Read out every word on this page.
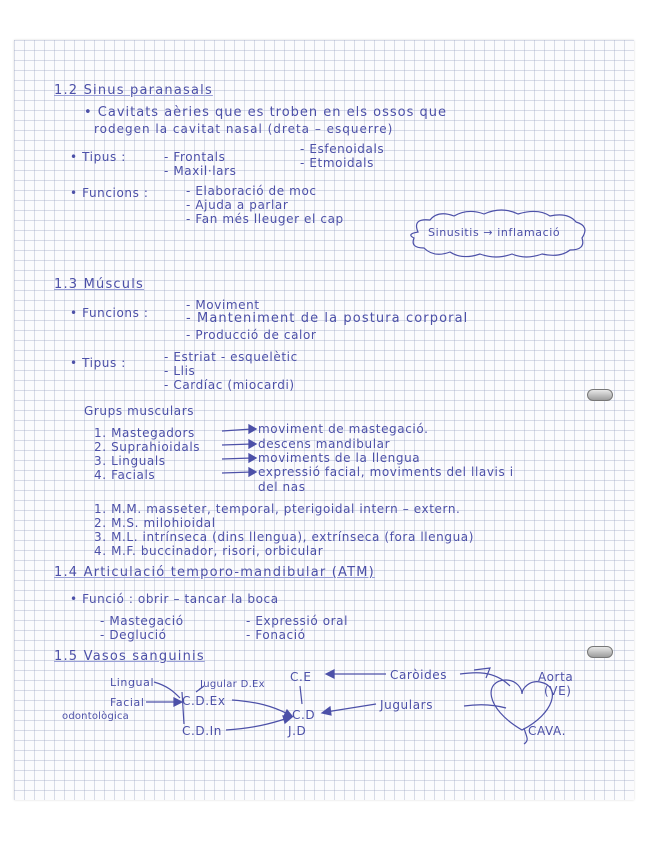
1.2 Sinus paranasals
• Cavitats aèries que es troben en els ossos que
rodegen la cavitat nasal (dreta – esquerre)
• Tipus :	- Frontals
- Maxil·lars
- Esfenoidals
- Etmoidals
• Funcions :	- Elaboració de moc
- Ajuda a parlar
- Fan més lleuger el cap
Sinusitis → inflamació
1.3 Músculs
• Funcions :
- Moviment
- Manteniment de la postura corporal
- Producció de calor
• Tipus :	- Estriat - esquelètic
- Llis
- Cardíac (miocardi)
Grups musculars
1. Mastegadors	moviment de mastegació.
2. Suprahioidals	descens mandibular
3. Linguals	moviments de la llengua
4. Facials	expressió facial, moviments del llavis i
del nas
1. M.M. masseter, temporal, pterigoidal intern – extern.
2. M.S. milohioidal
3. M.L. intrínseca (dins llengua), extrínseca (fora llengua)
4. M.F. buccinador, risori, orbicular
1.4 Articulació temporo-mandibular (ATM)
• Funció : obrir – tancar la boca
- Mastegació
- Deglució
- Expressió oral
- Fonació
1.5 Vasos sanguinis
Lingual	Jugular D.Ex
C.E	Caròides	Aorta
(VE)
Facial	C.D.Ex
odontològica	C.D
Jugulars
C.D.In	J.D	CAVA.
